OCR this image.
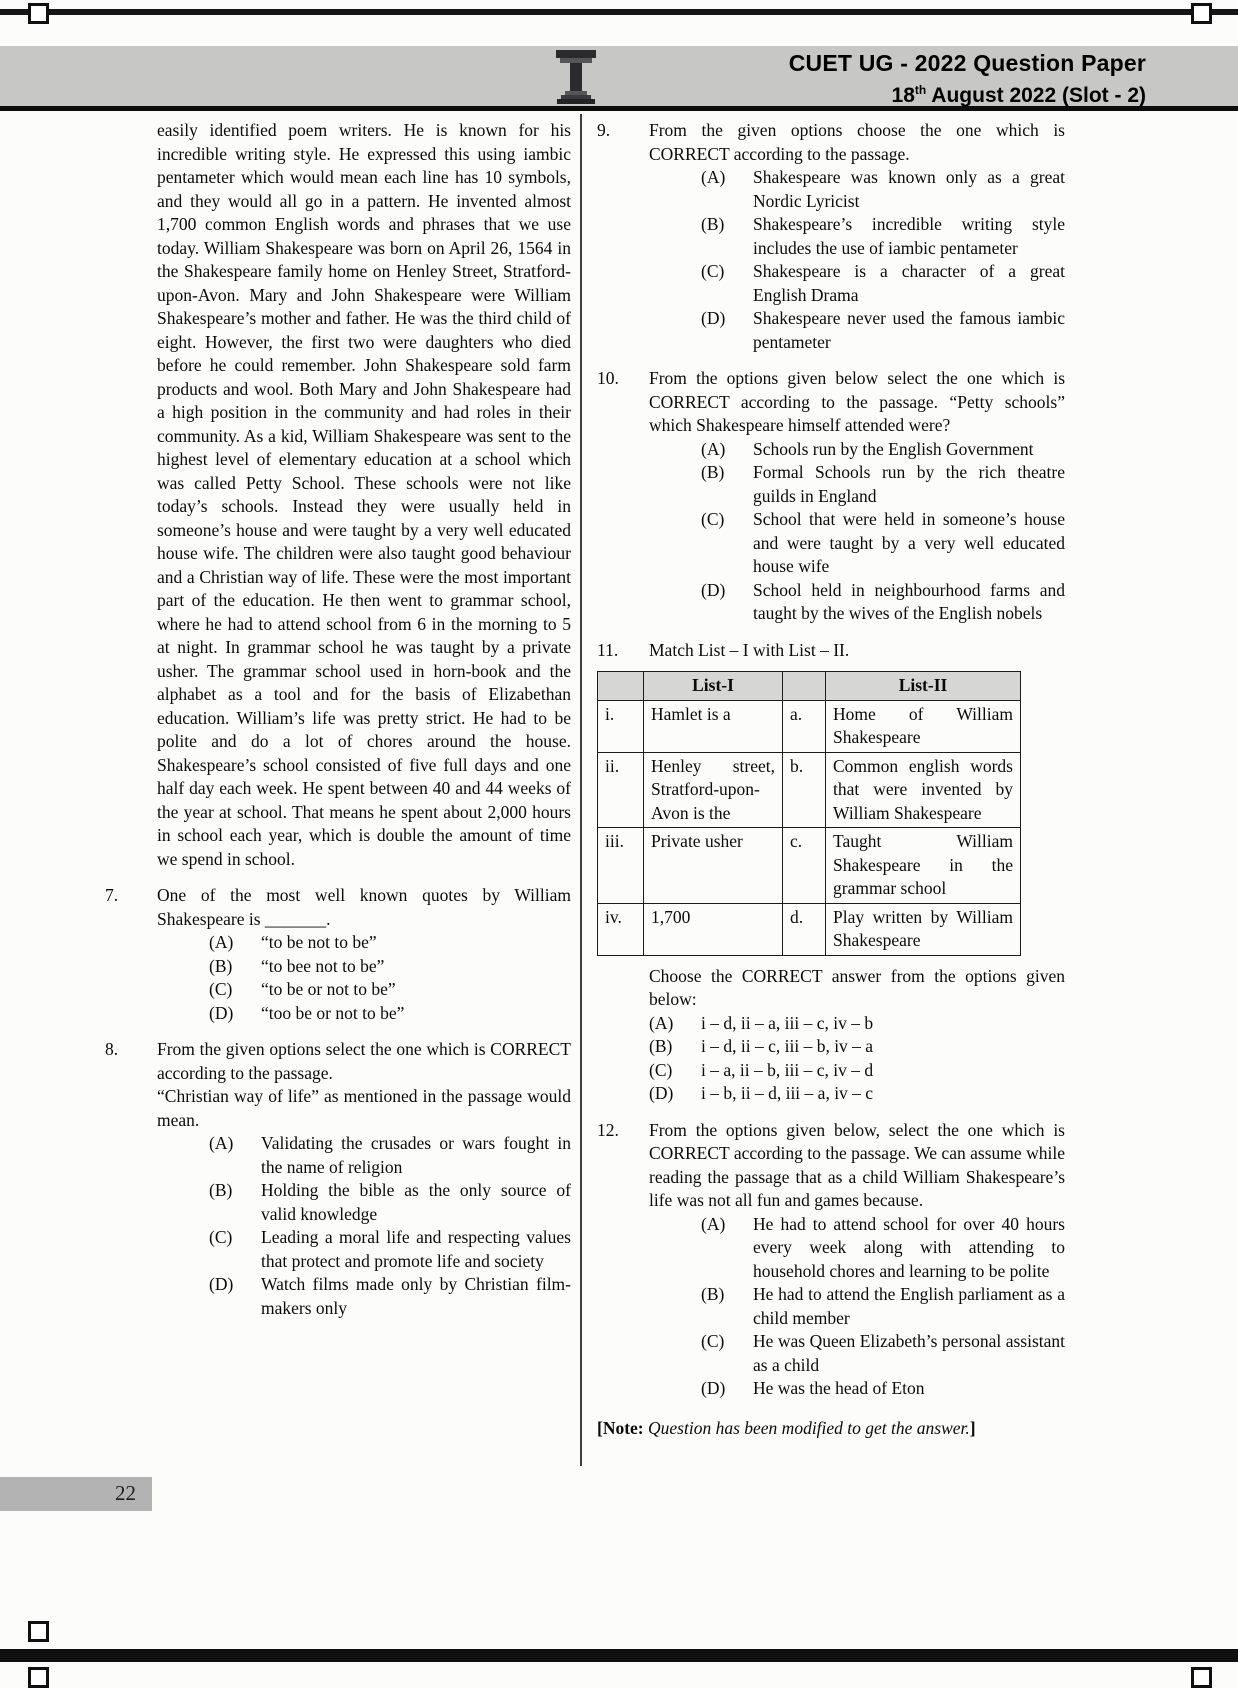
CUET UG - 2022 Question Paper
18th August 2022 (Slot - 2)

easily identified poem writers. He is known for his incredible writing style. He expressed this using iambic pentameter which would mean each line has 10 symbols, and they would all go in a pattern. He invented almost 1,700 common English words and phrases that we use today. William Shakespeare was born on April 26, 1564 in the Shakespeare family home on Henley Street, Stratford-upon-Avon. Mary and John Shakespeare were William Shakespeare’s mother and father. He was the third child of eight. However, the first two were daughters who died before he could remember. John Shakespeare sold farm products and wool. Both Mary and John Shakespeare had a high position in the community and had roles in their community. As a kid, William Shakespeare was sent to the highest level of elementary education at a school which was called Petty School. These schools were not like today’s schools. Instead they were usually held in someone’s house and were taught by a very well educated house wife. The children were also taught good behaviour and a Christian way of life. These were the most important part of the education. He then went to grammar school, where he had to attend school from 6 in the morning to 5 at night. In grammar school he was taught by a private usher. The grammar school used in horn-book and the alphabet as a tool and for the basis of Elizabethan education. William’s life was pretty strict. He had to be polite and do a lot of chores around the house. Shakespeare’s school consisted of five full days and one half day each week. He spent between 40 and 44 weeks of the year at school. That means he spent about 2,000 hours in school each year, which is double the amount of time we spend in school.

7.	One of the most well known quotes by William Shakespeare is _______.

(A)	“to be not to be”
(B)	“to bee not to be”
(C)	“to be or not to be”
(D)	“too be or not to be”
8.	From the given options select the one which is CORRECT according to the passage.

“Christian way of life” as mentioned in the passage would mean.

(A)	Validating the crusades or wars fought in the name of religion
(B)	Holding the bible as the only source of valid knowledge
(C)	Leading a moral life and respecting values that protect and promote life and society
(D)	Watch films made only by Christian film-makers only
9.	From the given options choose the one which is CORRECT according to the passage.

(A)	Shakespeare was known only as a great Nordic Lyricist
(B)	Shakespeare’s incredible writing style includes the use of iambic pentameter
(C)	Shakespeare is a character of a great English Drama
(D)	Shakespeare never used the famous iambic pentameter
10.	From the options given below select the one which is CORRECT according to the passage. “Petty schools” which Shakespeare himself attended were?

(A)	Schools run by the English Government
(B)	Formal Schools run by the rich theatre guilds in England
(C)	School that were held in someone’s house and were taught by a very well educated house wife
(D)	School held in neighbourhood farms and taught by the wives of the English nobels
11.	Match List – I with List – II.

	List-I		List-II
i.	Hamlet is a	a.	Home of William Shakespeare
ii.	Henley street, Stratford-upon-Avon is the	b.	Common english words that were invented by William Shakespeare
iii.	Private usher	c.	Taught William Shakespeare in the grammar school
iv.	1,700	d.	Play written by William Shakespeare

Choose the CORRECT answer from the options given below:

(A)	i – d, ii – a, iii – c, iv – b
(B)	i – d, ii – c, iii – b, iv – a
(C)	i – a, ii – b, iii – c, iv – d
(D)	i – b, ii – d, iii – a, iv – c
12.	From the options given below, select the one which is CORRECT according to the passage. We can assume while reading the passage that as a child William Shakespeare’s life was not all fun and games because.

(A)	He had to attend school for over 40 hours every week along with attending to household chores and learning to be polite
(B)	He had to attend the English parliament as a child member
(C)	He was Queen Elizabeth’s personal assistant as a child
(D)	He was the head of Eton

[Note: Question has been modified to get the answer.]

22
